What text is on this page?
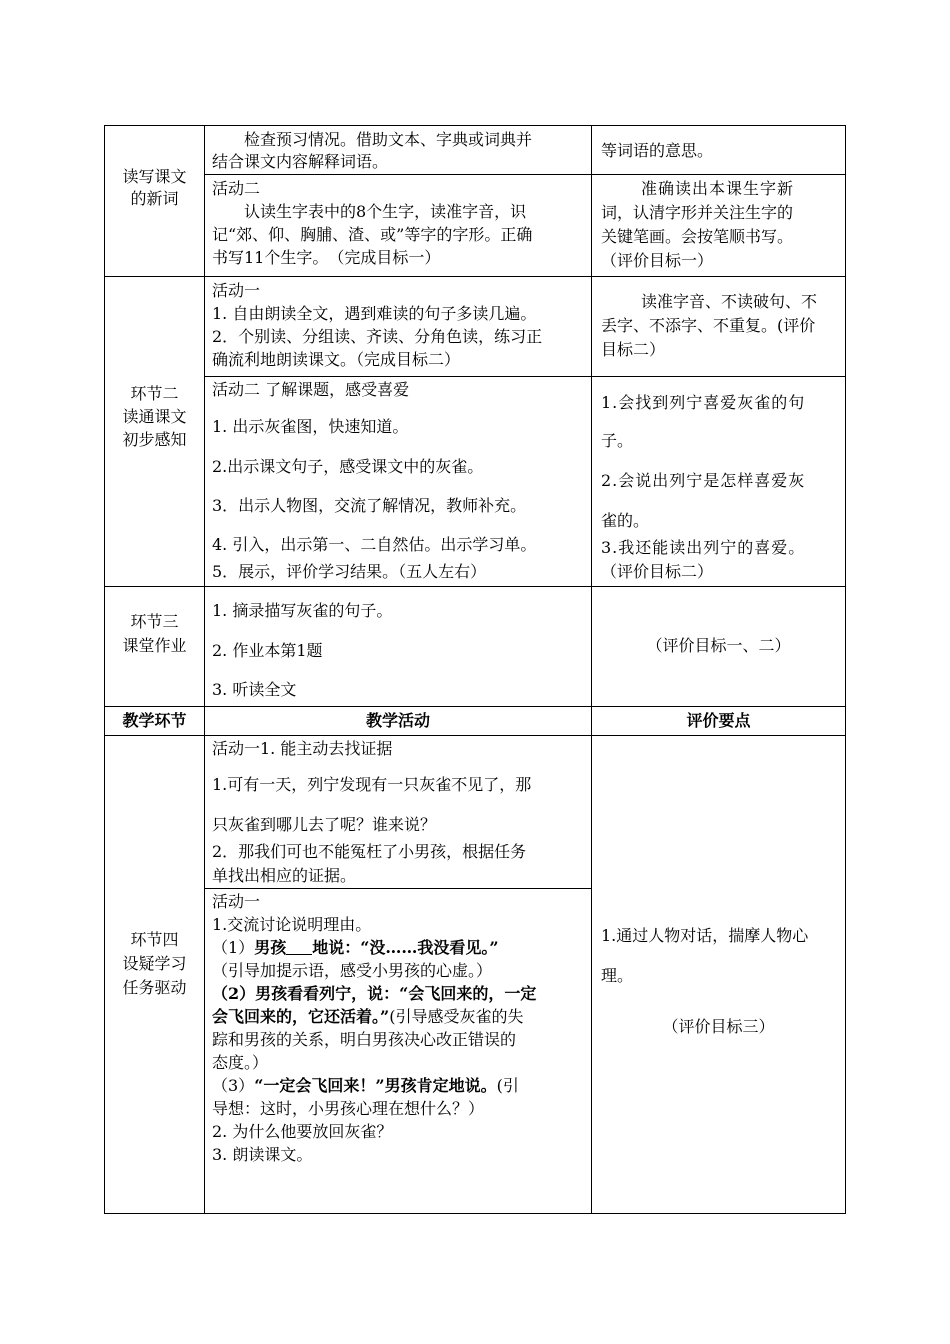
读写课文
的新词
检查预习情况。借助文本、字典或词典并
结合课文内容解释词语。
等词语的意思。
活动二
认读生字表中的8个生字，读准字音，识
记“郊、仰、胸脯、渣、或”等字的字形。正确
书写11个生字。　（完成目标一）
准确读出本课生字新
词，认清字形并关注生字的
关键笔画。会按笔顺书写。
（评价目标一）
环节二
读通课文
初步感知
活动一
1. 自由朗读全文，遇到难读的句子多读几遍。
2．个别读、分组读、齐读、分角色读，练习正
确流利地朗读课文。（完成目标二）
读准字音、不读破句、不
丢字、不添字、不重复。(评价
目标二）
活动二 了解课题，感受喜爱
1. 出示灰雀图，快速知道。
2.出示课文句子，感受课文中的灰雀。
3．出示人物图，交流了解情况，教师补充。
4. 引入，出示第一、二自然估。出示学习单。
5．展示，评价学习结果。（五人左右）
1.会找到列宁喜爱灰雀的句
子。
2.会说出列宁是怎样喜爱灰
雀的。
3.我还能读出列宁的喜爱。
（评价目标二）
环节三
课堂作业
1. 摘录描写灰雀的句子。
2. 作业本第1题
3. 听读全文
（评价目标一、二）
教学环节	教学活动	评价要点
环节四
设疑学习
任务驱动
活动一1. 能主动去找证据
1.可有一天，列宁发现有一只灰雀不见了，那
只灰雀到哪儿去了呢？谁来说？
2．那我们可也不能冤枉了小男孩，根据任务
单找出相应的证据。
活动一
1.交流讨论说明理由。
（1）男孩 地说：“没……我没看见。”
（引导加提示语，感受小男孩的心虚。）
（2）男孩看看列宁，说：“会飞回来的，一定
会飞回来的，它还活着。”(引导感受灰雀的失
踪和男孩的关系，明白男孩决心改正错误的
态度。）
（3）“一定会飞回来！”男孩肯定地说。(引
导想：这时，小男孩心理在想什么？）
2. 为什么他要放回灰雀？
3. 朗读课文。
1.通过人物对话，揣摩人物心
理。
（评价目标三）
